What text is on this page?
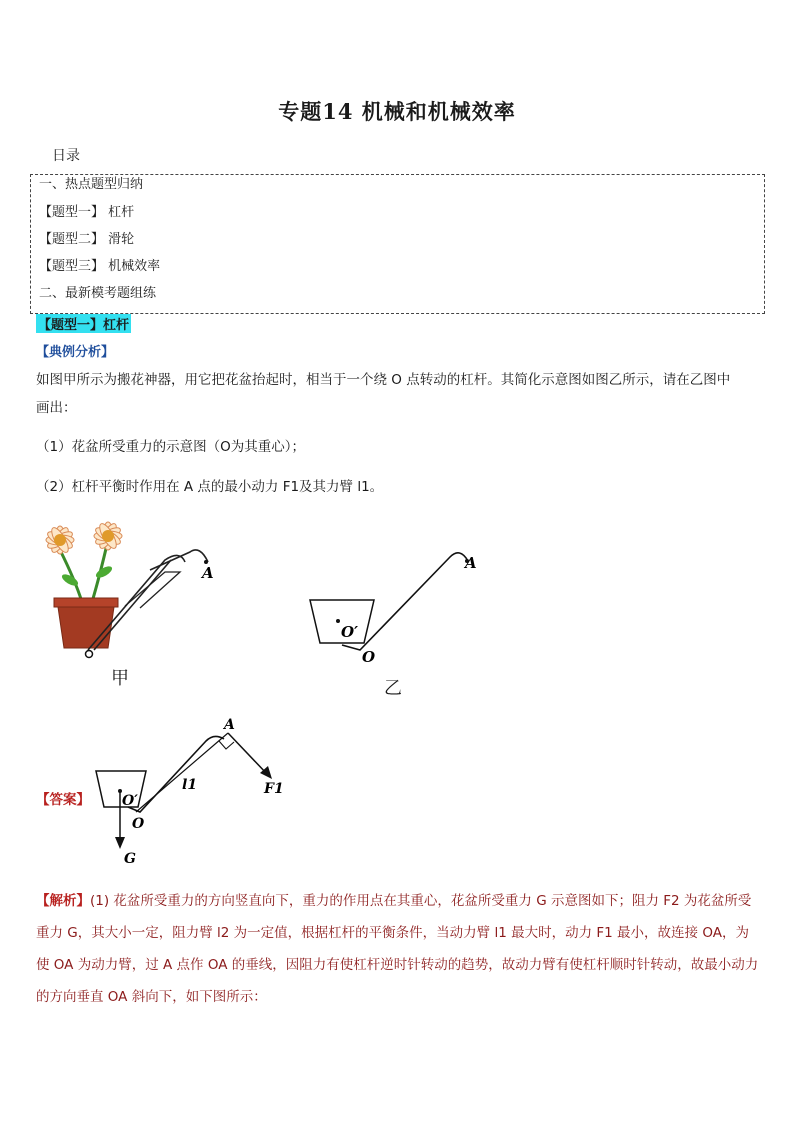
专题14 机械和机械效率
日录
一、热点题型归纳
【题型一】 杠杆
【题型二】 滑轮
【题型三】 机械效率
二、最新模考题组练
【题型一】杠杆
【典例分析】
如图甲所示为搬花神器，用它把花盆抬起时，相当于一个绕 O 点转动的杠杆。其简化示意图如图乙所示，请在乙图中
画出：
（1）花盆所受重力的示意图（O为其重心）；
（2）杠杆平衡时作用在 A 点的最小动力 F1及其力臂 l1。
A
甲
O′
O
A
乙
【答案】 O′
G
O
l1
A
F1
【解析】(1) 花盆所受重力的方向竖直向下，重力的作用点在其重心，花盆所受重力 G 示意图如下；阻力 F2 为花盆所受重力 G，其大小一定，阻力臂 l2 为一定值，根据杠杆的平衡条件，当动力臂 l1 最大时，动力 F1 最小，故连接 OA，为使 OA 为动力臂，过 A 点作 OA 的垂线，因阻力有使杠杆逆时针转动的趋势，故动力臂有使杠杆顺时针转动，故最小动力的方向垂直 OA 斜向下，如下图所示：
